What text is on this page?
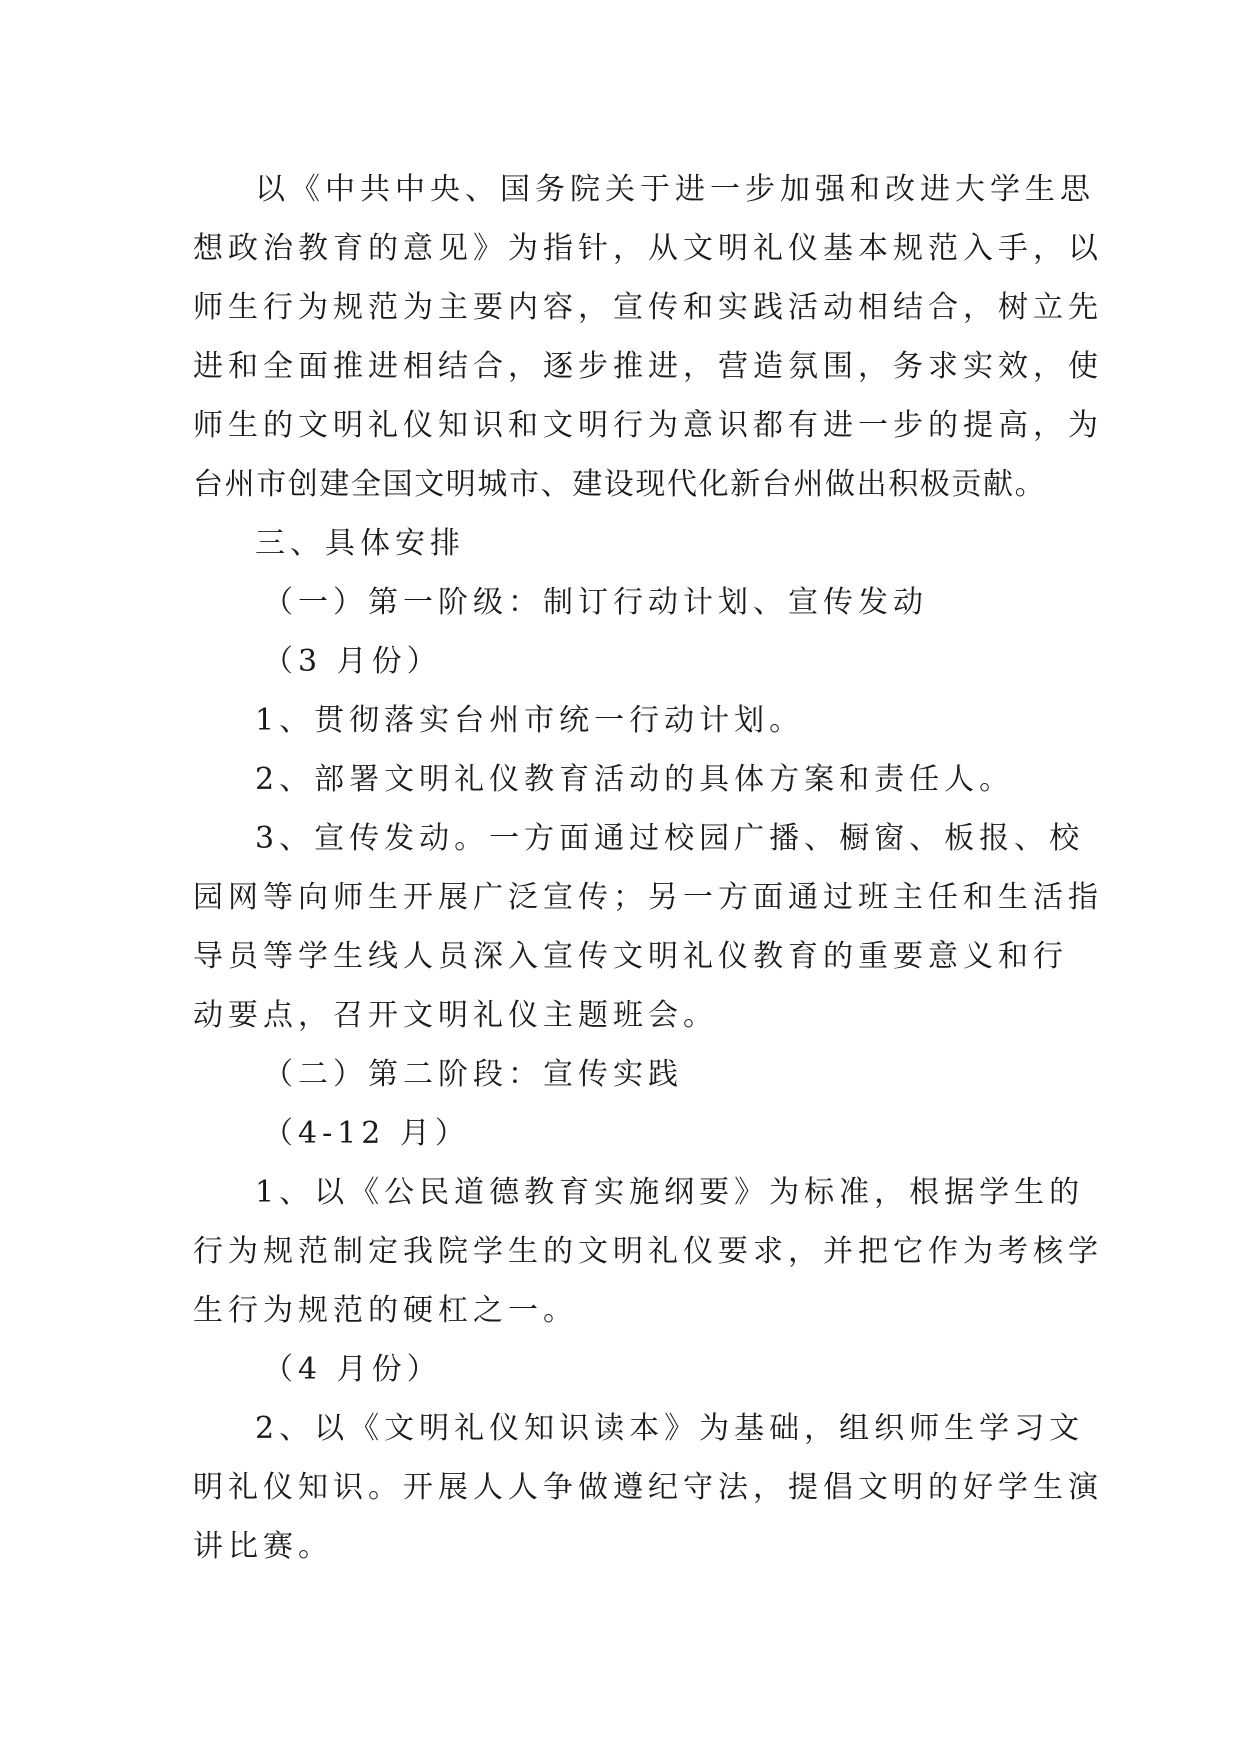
以《中共中央、国务院关于进一步加强和改进大学生思
想政治教育的意见》为指针，从文明礼仪基本规范入手，以
师生行为规范为主要内容，宣传和实践活动相结合，树立先
进和全面推进相结合，逐步推进，营造氛围，务求实效，使
师生的文明礼仪知识和文明行为意识都有进一步的提高，为
台州市创建全国文明城市、建设现代化新台州做出积极贡献。
三、具体安排
（一）第一阶级：制订行动计划、宣传发动
（3 月份）
1、贯彻落实台州市统一行动计划。
2、部署文明礼仪教育活动的具体方案和责任人。
3、宣传发动。一方面通过校园广播、橱窗、板报、校
园网等向师生开展广泛宣传；另一方面通过班主任和生活指
导员等学生线人员深入宣传文明礼仪教育的重要意义和行
动要点，召开文明礼仪主题班会。
（二）第二阶段：宣传实践
（4-12 月）
1、以《公民道德教育实施纲要》为标准，根据学生的
行为规范制定我院学生的文明礼仪要求，并把它作为考核学
生行为规范的硬杠之一。
（4 月份）
2、以《文明礼仪知识读本》为基础，组织师生学习文
明礼仪知识。开展人人争做遵纪守法，提倡文明的好学生演
讲比赛。
